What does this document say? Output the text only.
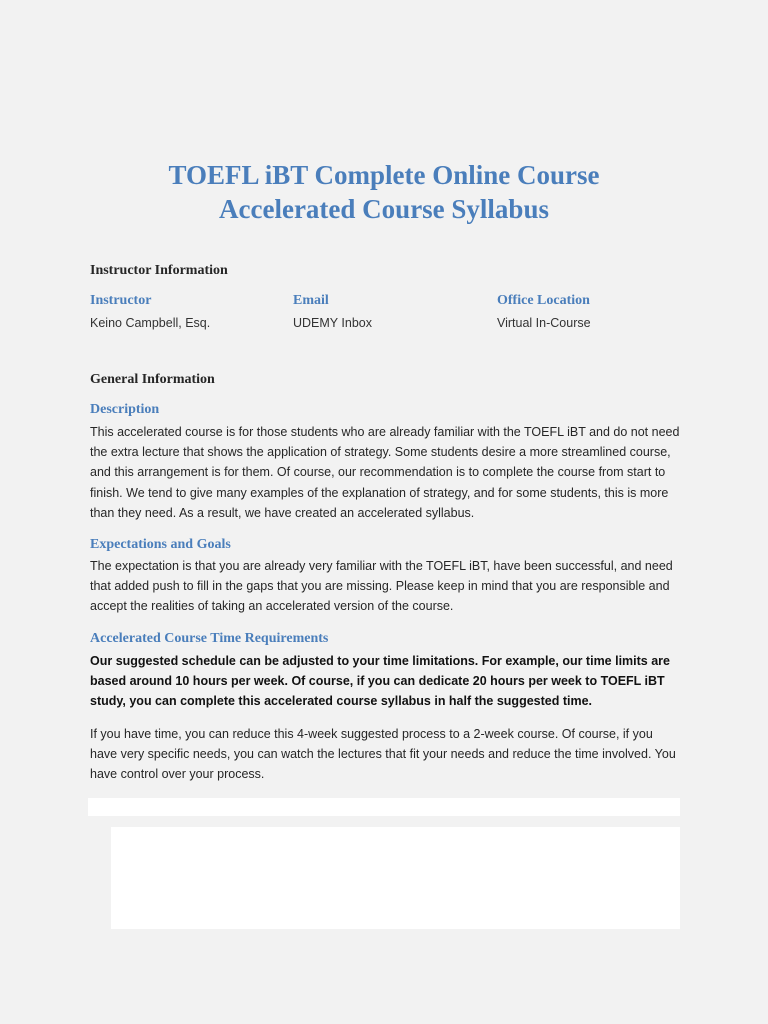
TOEFL iBT Complete Online Course
Accelerated Course Syllabus
Instructor Information
Instructor	Email	Office Location
Keino Campbell, Esq.	UDEMY Inbox	Virtual In-Course
General Information
Description

This accelerated course is for those students who are already familiar with the TOEFL iBT and do not need the extra lecture that shows the application of strategy. Some students desire a more streamlined course, and this arrangement is for them. Of course, our recommendation is to complete the course from start to finish. We tend to give many examples of the explanation of strategy, and for some students, this is more than they need. As a result, we have created an accelerated syllabus.

Expectations and Goals

The expectation is that you are already very familiar with the TOEFL iBT, have been successful, and need that added push to fill in the gaps that you are missing. Please keep in mind that you are responsible and accept the realities of taking an accelerated version of the course.

Accelerated Course Time Requirements

Our suggested schedule can be adjusted to your time limitations. For example, our time limits are based around 10 hours per week. Of course, if you can dedicate 20 hours per week to TOEFL iBT study, you can complete this accelerated course syllabus in half the suggested time.

If you have time, you can reduce this 4-week suggested process to a 2-week course. Of course, if you have very specific needs, you can watch the lectures that fit your needs and reduce the time involved. You have control over your process.
